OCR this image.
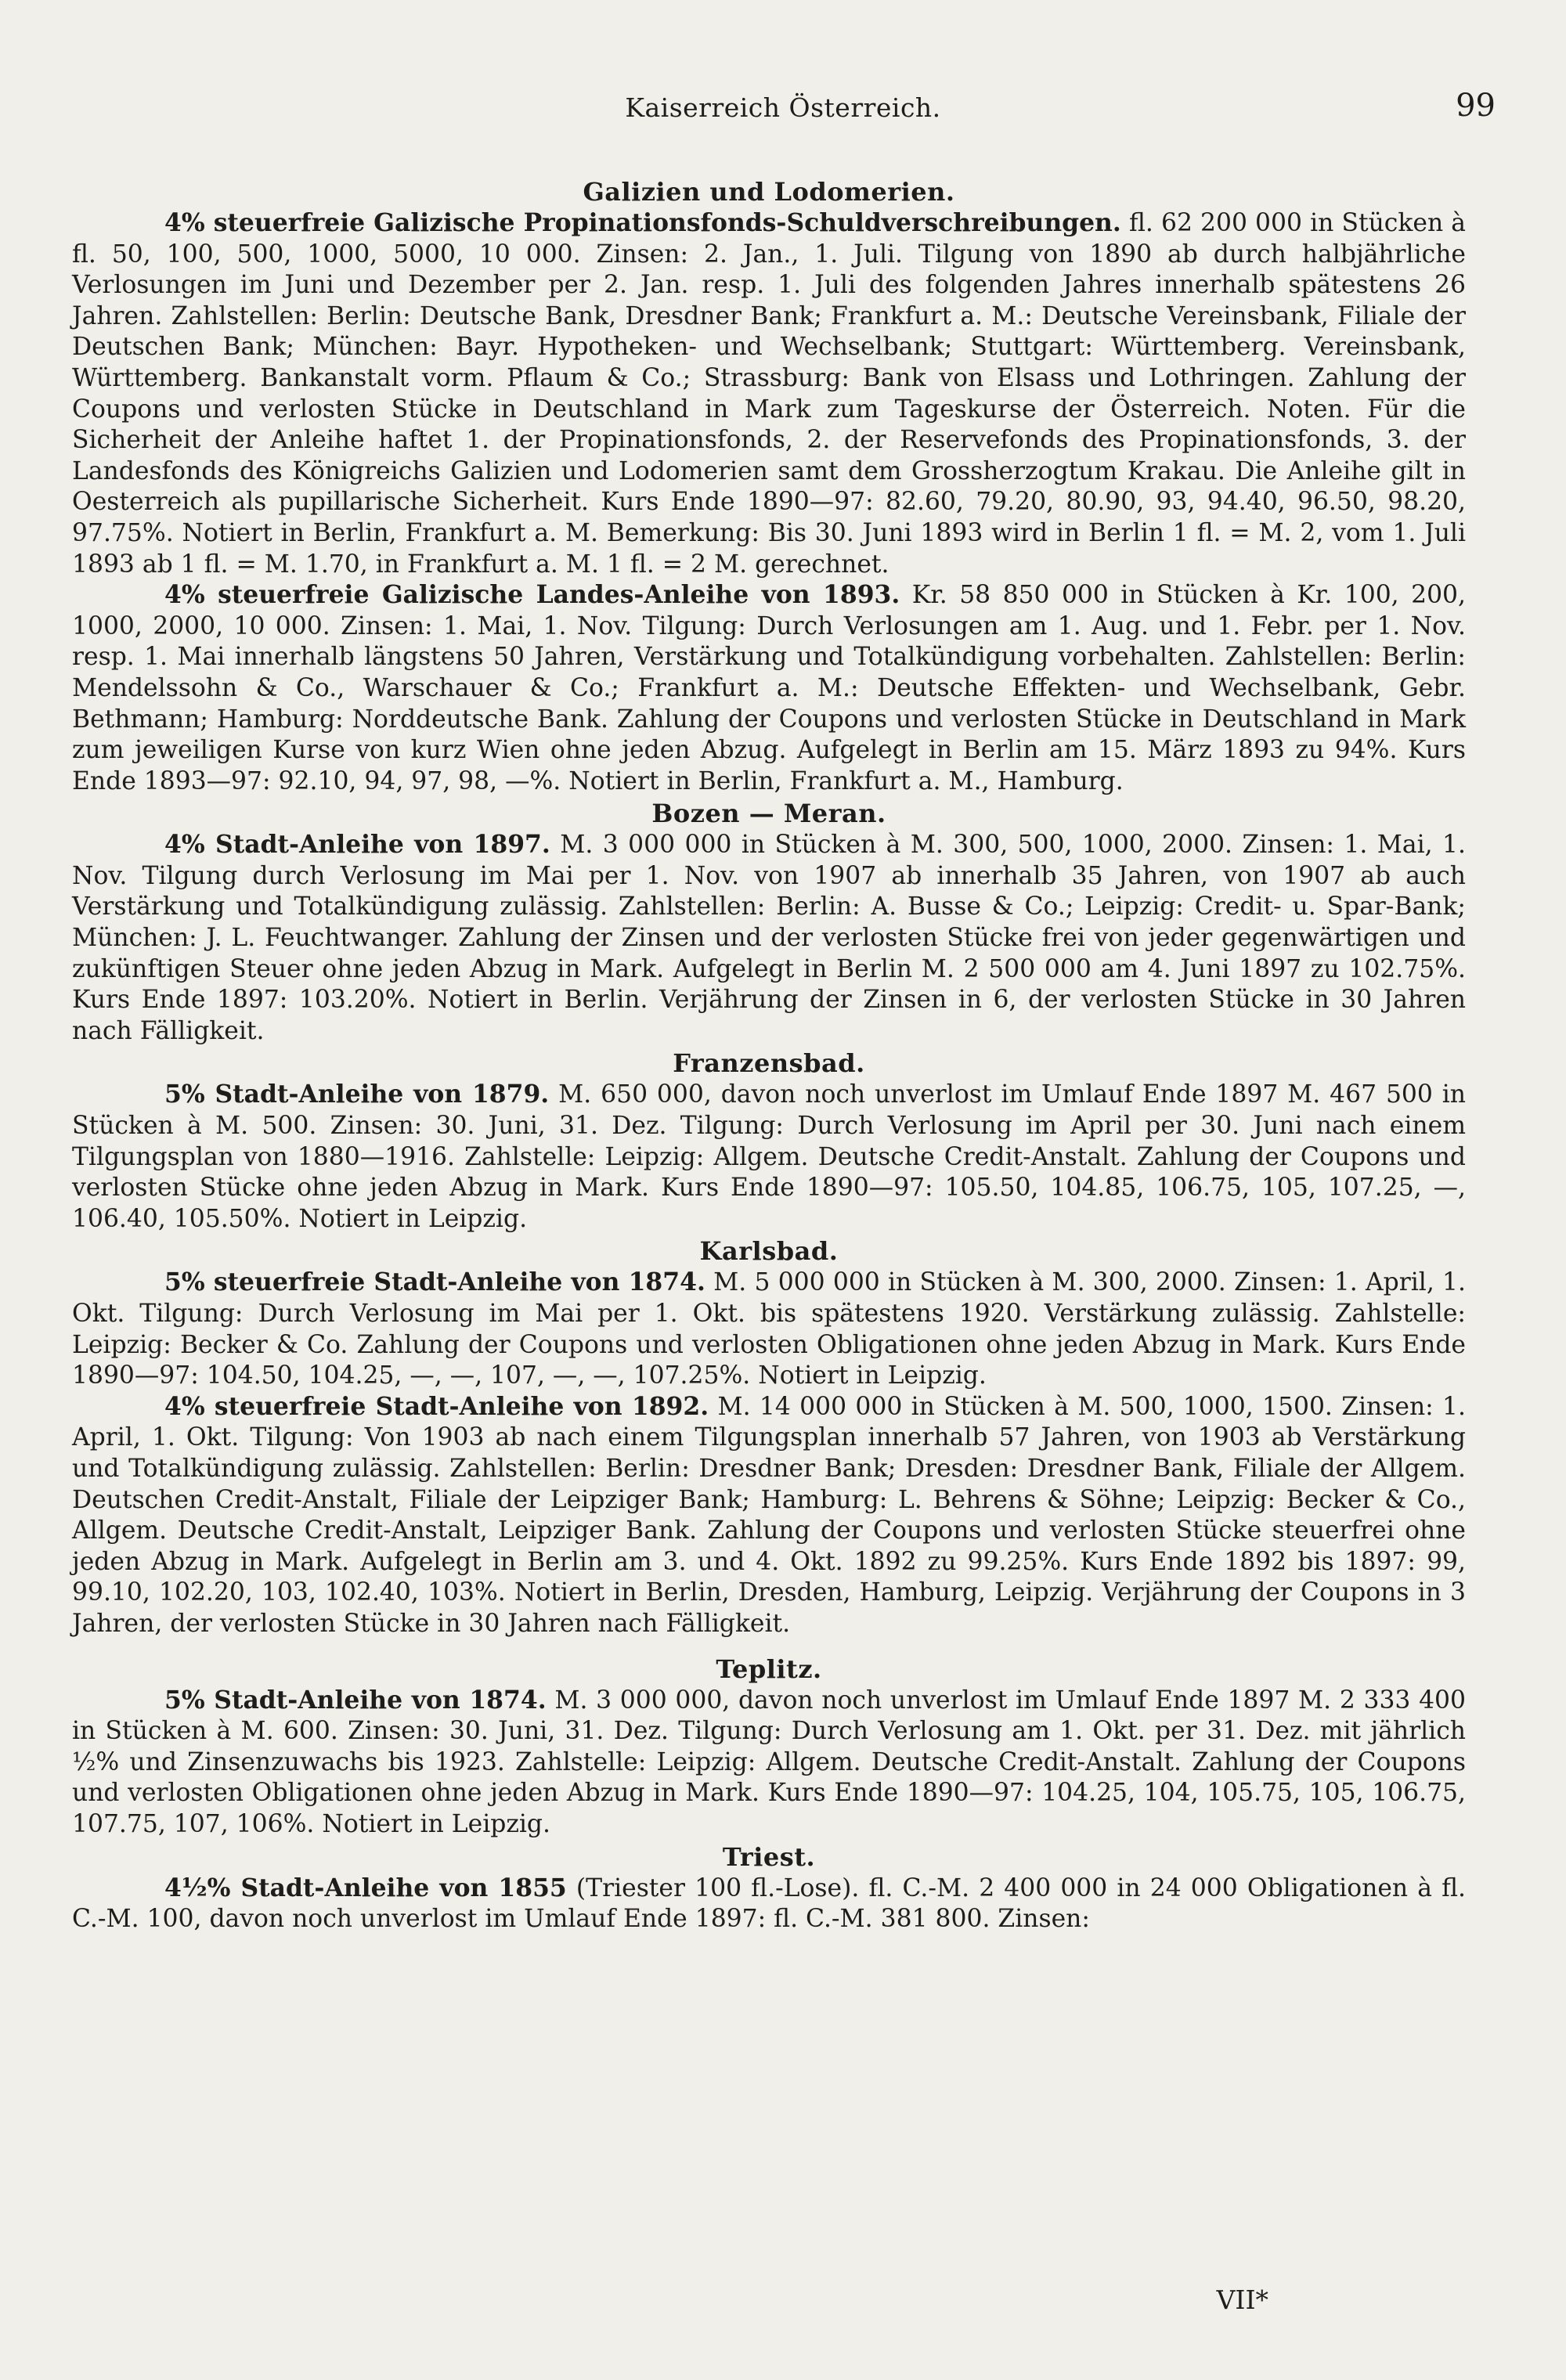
Kaiserreich Österreich.	99
Galizien und Lodomerien.

4% steuerfreie Galizische Propinationsfonds-Schuldverschreibungen. fl. 62 200 000 in Stücken à fl. 50, 100, 500, 1000, 5000, 10 000. Zinsen: 2. Jan., 1. Juli. Tilgung von 1890 ab durch halbjährliche Verlosungen im Juni und Dezember per 2. Jan. resp. 1. Juli des folgenden Jahres innerhalb spätestens 26 Jahren. Zahlstellen: Berlin: Deutsche Bank, Dresdner Bank; Frankfurt a. M.: Deutsche Vereinsbank, Filiale der Deutschen Bank; München: Bayr. Hypotheken- und Wechselbank; Stuttgart: Württemberg. Vereinsbank, Württemberg. Bankanstalt vorm. Pflaum & Co.; Strassburg: Bank von Elsass und Lothringen. Zahlung der Coupons und verlosten Stücke in Deutschland in Mark zum Tageskurse der Österreich. Noten. Für die Sicherheit der Anleihe haftet 1. der Propinationsfonds, 2. der Reservefonds des Propinationsfonds, 3. der Landesfonds des Königreichs Galizien und Lodomerien samt dem Grossherzogtum Krakau. Die Anleihe gilt in Oesterreich als pupillarische Sicherheit. Kurs Ende 1890—97: 82.60, 79.20, 80.90, 93, 94.40, 96.50, 98.20, 97.75%. Notiert in Berlin, Frankfurt a. M. Bemerkung: Bis 30. Juni 1893 wird in Berlin 1 fl. = M. 2, vom 1. Juli 1893 ab 1 fl. = M. 1.70, in Frankfurt a. M. 1 fl. = 2 M. gerechnet.

4% steuerfreie Galizische Landes-Anleihe von 1893. Kr. 58 850 000 in Stücken à Kr. 100, 200, 1000, 2000, 10 000. Zinsen: 1. Mai, 1. Nov. Tilgung: Durch Verlosungen am 1. Aug. und 1. Febr. per 1. Nov. resp. 1. Mai innerhalb längstens 50 Jahren, Verstärkung und Totalkündigung vorbehalten. Zahlstellen: Berlin: Mendelssohn & Co., Warschauer & Co.; Frankfurt a. M.: Deutsche Effekten- und Wechselbank, Gebr. Bethmann; Hamburg: Norddeutsche Bank. Zahlung der Coupons und verlosten Stücke in Deutschland in Mark zum jeweiligen Kurse von kurz Wien ohne jeden Abzug. Aufgelegt in Berlin am 15. März 1893 zu 94%. Kurs Ende 1893—97: 92.10, 94, 97, 98, —%. Notiert in Berlin, Frankfurt a. M., Hamburg.

Bozen — Meran.

4% Stadt-Anleihe von 1897. M. 3 000 000 in Stücken à M. 300, 500, 1000, 2000. Zinsen: 1. Mai, 1. Nov. Tilgung durch Verlosung im Mai per 1. Nov. von 1907 ab innerhalb 35 Jahren, von 1907 ab auch Verstärkung und Totalkündigung zulässig. Zahlstellen: Berlin: A. Busse & Co.; Leipzig: Credit- u. Spar-Bank; München: J. L. Feuchtwanger. Zahlung der Zinsen und der verlosten Stücke frei von jeder gegenwärtigen und zukünftigen Steuer ohne jeden Abzug in Mark. Aufgelegt in Berlin M. 2 500 000 am 4. Juni 1897 zu 102.75%. Kurs Ende 1897: 103.20%. Notiert in Berlin. Verjährung der Zinsen in 6, der verlosten Stücke in 30 Jahren nach Fälligkeit.

Franzensbad.

5% Stadt-Anleihe von 1879. M. 650 000, davon noch unverlost im Umlauf Ende 1897 M. 467 500 in Stücken à M. 500. Zinsen: 30. Juni, 31. Dez. Tilgung: Durch Verlosung im April per 30. Juni nach einem Tilgungsplan von 1880—1916. Zahlstelle: Leipzig: Allgem. Deutsche Credit-Anstalt. Zahlung der Coupons und verlosten Stücke ohne jeden Abzug in Mark. Kurs Ende 1890—97: 105.50, 104.85, 106.75, 105, 107.25, —, 106.40, 105.50%. Notiert in Leipzig.

Karlsbad.

5% steuerfreie Stadt-Anleihe von 1874. M. 5 000 000 in Stücken à M. 300, 2000. Zinsen: 1. April, 1. Okt. Tilgung: Durch Verlosung im Mai per 1. Okt. bis spätestens 1920. Verstärkung zulässig. Zahlstelle: Leipzig: Becker & Co. Zahlung der Coupons und verlosten Obligationen ohne jeden Abzug in Mark. Kurs Ende 1890—97: 104.50, 104.25, —, —, 107, —, —, 107.25%. Notiert in Leipzig.

4% steuerfreie Stadt-Anleihe von 1892. M. 14 000 000 in Stücken à M. 500, 1000, 1500. Zinsen: 1. April, 1. Okt. Tilgung: Von 1903 ab nach einem Tilgungsplan innerhalb 57 Jahren, von 1903 ab Verstärkung und Totalkündigung zulässig. Zahlstellen: Berlin: Dresdner Bank; Dresden: Dresdner Bank, Filiale der Allgem. Deutschen Credit-Anstalt, Filiale der Leipziger Bank; Hamburg: L. Behrens & Söhne; Leipzig: Becker & Co., Allgem. Deutsche Credit-Anstalt, Leipziger Bank. Zahlung der Coupons und verlosten Stücke steuerfrei ohne jeden Abzug in Mark. Aufgelegt in Berlin am 3. und 4. Okt. 1892 zu 99.25%. Kurs Ende 1892 bis 1897: 99, 99.10, 102.20, 103, 102.40, 103%. Notiert in Berlin, Dresden, Hamburg, Leipzig. Verjährung der Coupons in 3 Jahren, der verlosten Stücke in 30 Jahren nach Fälligkeit.

Teplitz.

5% Stadt-Anleihe von 1874. M. 3 000 000, davon noch unverlost im Umlauf Ende 1897 M. 2 333 400 in Stücken à M. 600. Zinsen: 30. Juni, 31. Dez. Tilgung: Durch Verlosung am 1. Okt. per 31. Dez. mit jährlich ½% und Zinsenzuwachs bis 1923. Zahlstelle: Leipzig: Allgem. Deutsche Credit-Anstalt. Zahlung der Coupons und verlosten Obligationen ohne jeden Abzug in Mark. Kurs Ende 1890—97: 104.25, 104, 105.75, 105, 106.75, 107.75, 107, 106%. Notiert in Leipzig.

Triest.

4½% Stadt-Anleihe von 1855 (Triester 100 fl.-Lose). fl. C.-M. 2 400 000 in 24 000 Obligationen à fl. C.-M. 100, davon noch unverlost im Umlauf Ende 1897: fl. C.-M. 381 800. Zinsen:

VII*
